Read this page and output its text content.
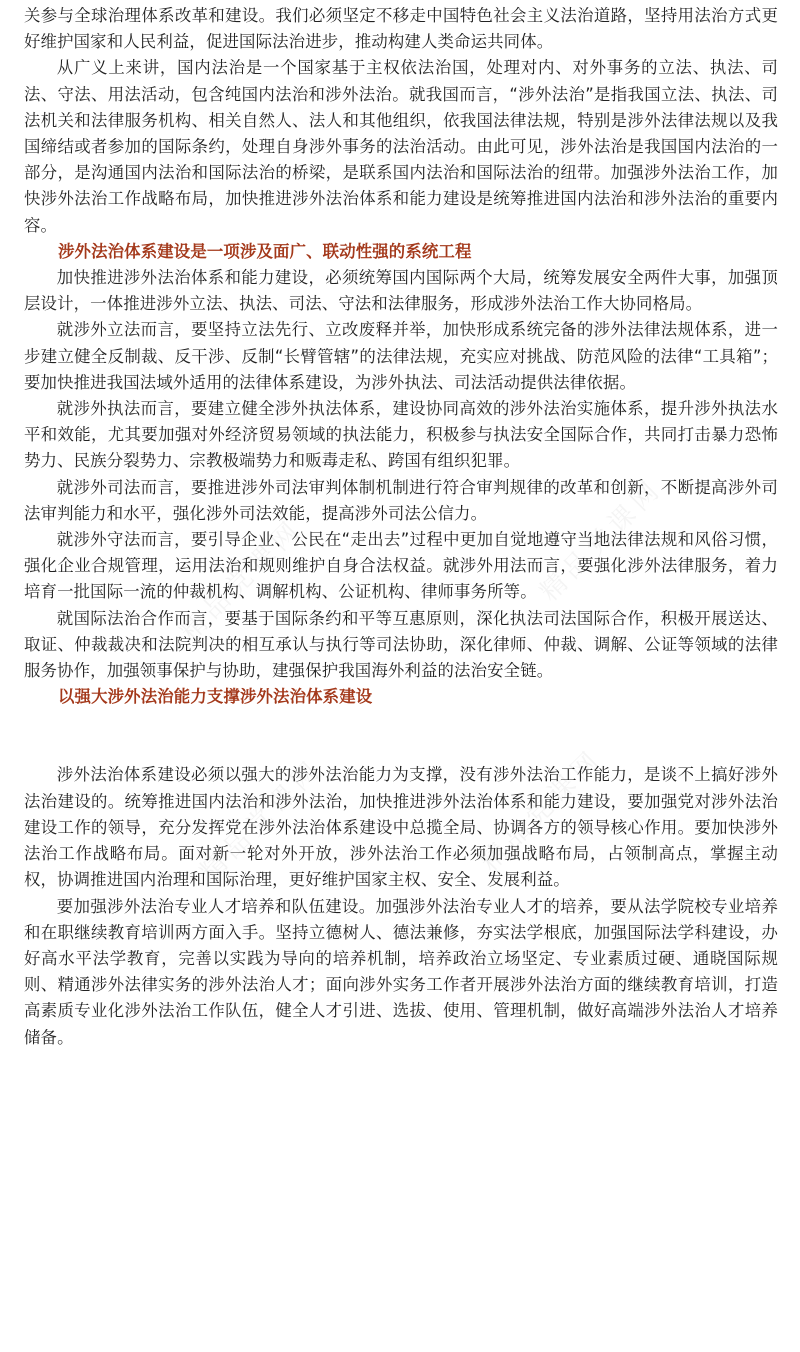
精品党课网	精品党课网
精品党课网	精品党课网

关参与全球治理体系改革和建设。我们必须坚定不移走中国特色社会主义法治道路，坚持用法治方式更好维护国家和人民利益，促进国际法治进步，推动构建人类命运共同体。

从广义上来讲，国内法治是一个国家基于主权依法治国，处理对内、对外事务的立法、执法、司法、守法、用法活动，包含纯国内法治和涉外法治。就我国而言，“涉外法治”是指我国立法、执法、司法机关和法律服务机构、相关自然人、法人和其他组织，依我国法律法规，特别是涉外法律法规以及我国缔结或者参加的国际条约，处理自身涉外事务的法治活动。由此可见，涉外法治是我国国内法治的一部分，是沟通国内法治和国际法治的桥梁，是联系国内法治和国际法治的纽带。加强涉外法治工作，加快涉外法治工作战略布局，加快推进涉外法治体系和能力建设是统筹推进国内法治和涉外法治的重要内容。

涉外法治体系建设是一项涉及面广、联动性强的系统工程

加快推进涉外法治体系和能力建设，必须统筹国内国际两个大局，统筹发展安全两件大事，加强顶层设计，一体推进涉外立法、执法、司法、守法和法律服务，形成涉外法治工作大协同格局。

就涉外立法而言，要坚持立法先行、立改废释并举，加快形成系统完备的涉外法律法规体系，进一步建立健全反制裁、反干涉、反制“长臂管辖”的法律法规，充实应对挑战、防范风险的法律“工具箱”；要加快推进我国法域外适用的法律体系建设，为涉外执法、司法活动提供法律依据。

就涉外执法而言，要建立健全涉外执法体系，建设协同高效的涉外法治实施体系，提升涉外执法水平和效能，尤其要加强对外经济贸易领域的执法能力，积极参与执法安全国际合作，共同打击暴力恐怖势力、民族分裂势力、宗教极端势力和贩毒走私、跨国有组织犯罪。

就涉外司法而言，要推进涉外司法审判体制机制进行符合审判规律的改革和创新，不断提高涉外司法审判能力和水平，强化涉外司法效能，提高涉外司法公信力。

就涉外守法而言，要引导企业、公民在“走出去”过程中更加自觉地遵守当地法律法规和风俗习惯，强化企业合规管理，运用法治和规则维护自身合法权益。就涉外用法而言，要强化涉外法律服务，着力培育一批国际一流的仲裁机构、调解机构、公证机构、律师事务所等。

就国际法治合作而言，要基于国际条约和平等互惠原则，深化执法司法国际合作，积极开展送达、取证、仲裁裁决和法院判决的相互承认与执行等司法协助，深化律师、仲裁、调解、公证等领域的法律服务协作，加强领事保护与协助，建强保护我国海外利益的法治安全链。

以强大涉外法治能力支撑涉外法治体系建设

涉外法治体系建设必须以强大的涉外法治能力为支撑，没有涉外法治工作能力，是谈不上搞好涉外法治建设的。统筹推进国内法治和涉外法治，加快推进涉外法治体系和能力建设，要加强党对涉外法治建设工作的领导，充分发挥党在涉外法治体系建设中总揽全局、协调各方的领导核心作用。要加快涉外法治工作战略布局。面对新一轮对外开放，涉外法治工作必须加强战略布局，占领制高点，掌握主动权，协调推进国内治理和国际治理，更好维护国家主权、安全、发展利益。

要加强涉外法治专业人才培养和队伍建设。加强涉外法治专业人才的培养，要从法学院校专业培养和在职继续教育培训两方面入手。坚持立德树人、德法兼修，夯实法学根底，加强国际法学科建设，办好高水平法学教育，完善以实践为导向的培养机制，培养政治立场坚定、专业素质过硬、通晓国际规则、精通涉外法律实务的涉外法治人才；面向涉外实务工作者开展涉外法治方面的继续教育培训，打造高素质专业化涉外法治工作队伍，健全人才引进、选拔、使用、管理机制，做好高端涉外法治人才培养储备。
